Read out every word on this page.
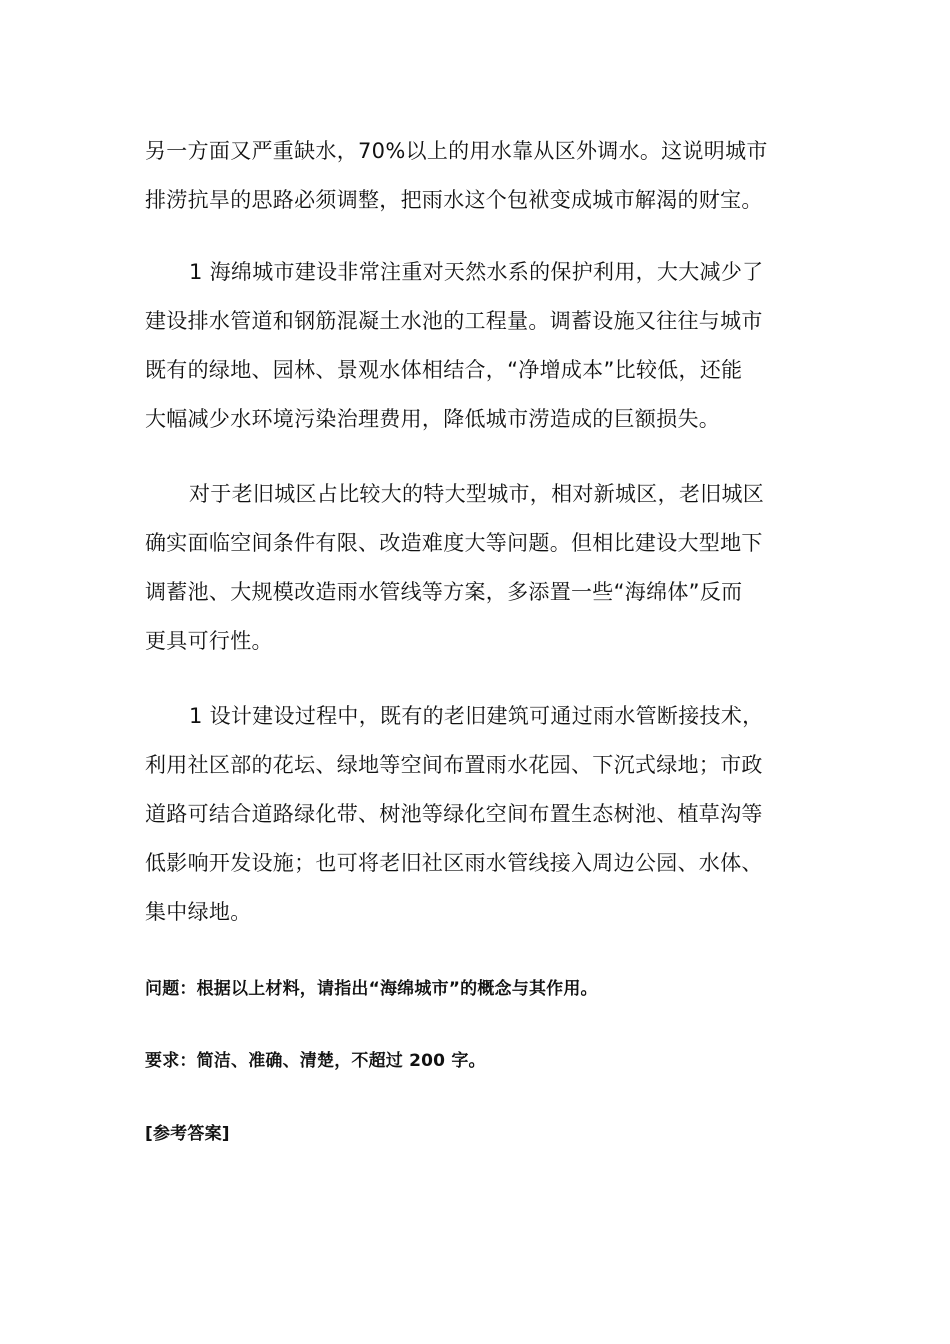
另一方面又严重缺水，70%以上的用水靠从区外调水。这说明城市
排涝抗旱的思路必须调整，把雨水这个包袱变成城市解渴的财宝。
1 海绵城市建设非常注重对天然水系的保护利用，大大减少了
建设排水管道和钢筋混凝土水池的工程量。调蓄设施又往往与城市
既有的绿地、园林、景观水体相结合，“净增成本”比较低，还能
大幅减少水环境污染治理费用，降低城市涝造成的巨额损失。
对于老旧城区占比较大的特大型城市，相对新城区，老旧城区
确实面临空间条件有限、改造难度大等问题。但相比建设大型地下
调蓄池、大规模改造雨水管线等方案，多添置一些“海绵体”反而
更具可行性。
1 设计建设过程中，既有的老旧建筑可通过雨水管断接技术，
利用社区部的花坛、绿地等空间布置雨水花园、下沉式绿地；市政
道路可结合道路绿化带、树池等绿化空间布置生态树池、植草沟等
低影响开发设施；也可将老旧社区雨水管线接入周边公园、水体、
集中绿地。
问题：根据以上材料，请指出“海绵城市”的概念与其作用。
要求：简洁、准确、清楚，不超过 200 字。
[参考答案]
